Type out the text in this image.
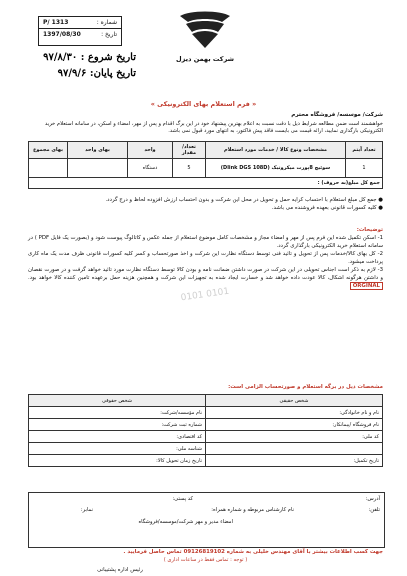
شماره :
P/ 1313
تاریخ :
1397/08/30
تاریخ شروع : ۹۷/۸/۳۰
تاریخ پایان: ۹۷/۹/۶
شرکت بهمن دیزل
« فرم استعلام بهای الکترونیکی »
شرکت/ موسسه/ فروشگاه محترم
خواهشمند است ضمن مطالعه شرایط ذیل با دقت نسبت به اعلام بهترین پیشنهاد خود در این برگ اقدام و پس از مهر، امضاء و اسکن، در سامانه استعلام خرید الکترونیکی بارگذاری نمایید، ارائه قیمت می بایست فاقد پیش فاکتور، به انتهای مورد قبول نمی باشد.
تعداد آیتم	مشخصات ونوع کالا / خدمات مورد استعلام	تعداد/ مقدار	واحد	بهای واحد	بهای مجموع
1	سوئیچ 8پورت میکروتیک (Dlink DGS 108D)	5	دستگاه		
جمع کل مبلغ(به حروف) :					
● جمع کل مبلغ استعلام با احتساب کرایه حمل و تحویل در محل این شرکت و بدون احتساب ارزش افزوده لحاظ و درج گردد.
● کلیه کسورات قانونی بعهده فروشنده می باشد.
0101 0101
توضیحات:
1- اسکن تکمیل شده این فرم پس از مهر و امضاء مجاز و مشخصات کامل موضوع استعلام از جمله عکس و کاتالوگ پیوست شود و (بصورت یک فایل PDF ) در سامانه استعلام خرید الکترونیکی بارگذاری گردد.
2- کل بهای کالا/خدمات پس از تحویل و تائید فنی توسط دستگاه نظارت این شرکت و اخذ صورتحساب و کسر کلیه کسورات قانونی ظرف مدت یک ماه کاری پرداخت میشود.
3- لازم به ذکر است اجناس تحویلی در این شرکت در صورت داشتن ضمانت نامه و بودن کالا توسط دستگاه نظارت مورد تائید خواهد گرفت و در صورت نقصان و داشتن هرگونه اشکال، کالا عودت داده خواهد شد و خسارت ایجاد شده به تجهیزات این شرکت و همچنین هزینه حمل برعهده تامین کننده کالا خواهد بود. ORGINAL
مشخصات ذیل در برگه استعلام و صورتحساب الزامی است:
شخص حقیقی	شخص حقوقی
نام و نام خانوادگی:	نام مؤسسه/شرکت:
نام فروشگاه /پیمانکار:	شماره ثبت شرکت:
کد ملی:	کد اقتصادی:
	شناسه ملی:
تاریخ تکمیل:	تاریخ زمان تحویل کالا:
آدرس:
کد پستی:
تلفن:
نام کارشناس مربوطه و شماره همراه:
نمابر:
امضاء مدیر و مهر شرکت/موسسه/فروشگاه
جهت کسب اطلاعات بیشتر با آقای مهندس خلیلی به شماره 09126819102 تماس حاصل فرمایید .
( توجه : تماس فقط در ساعات اداری )
رئیس اداره پشتیبانی
